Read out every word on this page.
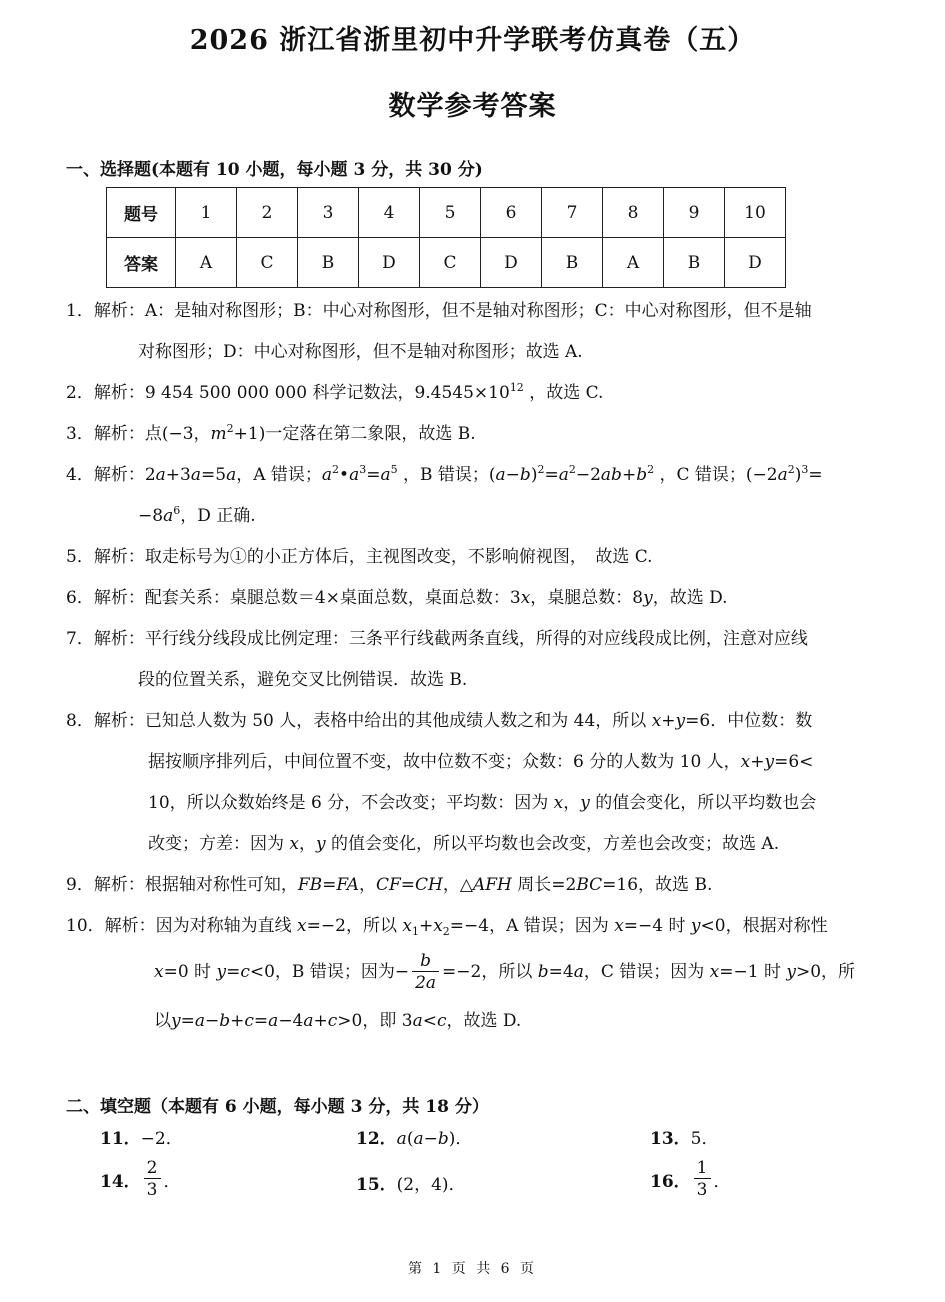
2026 浙江省浙里初中升学联考仿真卷（五）
数学参考答案
一、选择题(本题有 10 小题，每小题 3 分，共 30 分)
题号	1	2	3	4	5	6	7	8	9	10
答案	A	C	B	D	C	D	B	A	B	D
1．解析：A：是轴对称图形；B：中心对称图形，但不是轴对称图形；C：中心对称图形，但不是轴
对称图形；D：中心对称图形，但不是轴对称图形；故选 A.
2．解析：9 454 500 000 000 科学记数法，$9.4545\times 10^{12}$ ，故选 C.
3．解析：点(−3，$m^2+1$)一定落在第二象限，故选 B.
4．解析：2a+3a=5a，A 错误；$a^2•a^3=a^5$ ，B 错误；$(a-b)^2=a^2-2ab+b^2$ ，C 错误；$(-2a^2)^3=$
$-8a^6$，D 正确.
5．解析：取走标号为①的小正方体后，主视图改变，不影响俯视图，　故选 C.
6．解析：配套关系：桌腿总数＝4×桌面总数，桌面总数：3x，桌腿总数：8y，故选 D.
7．解析：平行线分线段成比例定理：三条平行线截两条直线，所得的对应线段成比例，注意对应线
段的位置关系，避免交叉比例错误．故选 B.
8．解析：已知总人数为 50 人，表格中给出的其他成绩人数之和为 44，所以 x+y=6．中位数：数
据按顺序排列后，中间位置不变，故中位数不变；众数：6 分的人数为 10 人，x+y=6<
10，所以众数始终是 6 分，不会改变；平均数：因为 x，y 的值会变化，所以平均数也会
改变；方差：因为 x，y 的值会变化，所以平均数也会改变，方差也会改变；故选 A.
9．解析：根据轴对称性可知，FB=FA，CF=CH，△AFH 周长=2BC=16，故选 B.
10．解析：因为对称轴为直线 x=−2，所以 $x_1+x_2=-4$，A 错误；因为 x=−4 时 y<0，根据对称性
x=0 时 y=c<0，B 错误；因为− $\frac{b}{2a} =-2$，所以 b=4a，C 错误；因为 x=−1 时 y>0，所
以y=a−b+c=a−4a+c>0，即 3a<c，故选 D.
二、填空题（本题有 6 小题，每小题 3 分，共 18 分）
11．−2．	12．a(a−b)．	13．5．
14． $\frac{2}{3}$ ．	15．(2，4)．	16． $\frac{1}{3}$ ．
第 1 页 共 6 页
